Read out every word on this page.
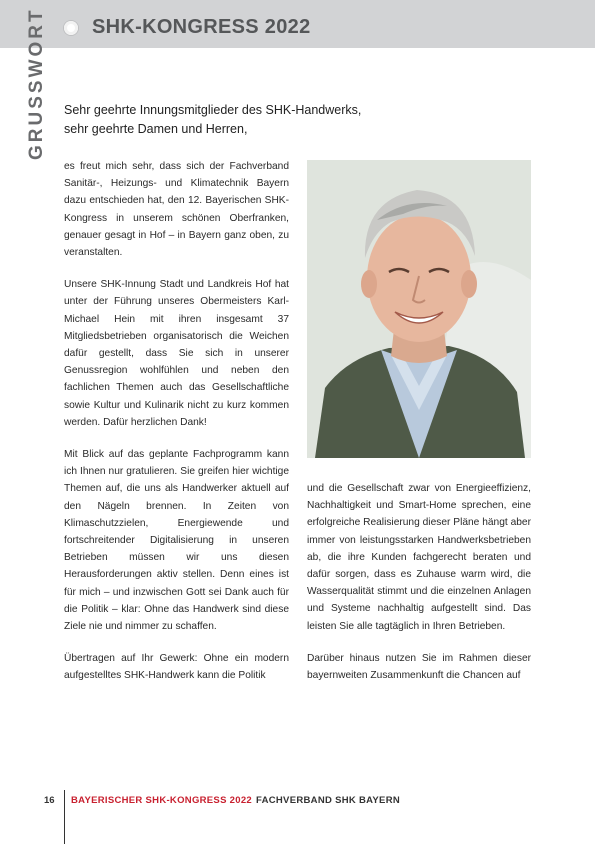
SHK-KONGRESS 2022
GRUSSWORT Sehr geehrte Innungsmitglieder des SHK-Handwerks,
sehr geehrte Damen und Herren,

es freut mich sehr, dass sich der Fachverband Sanitär-, Heizungs- und Klimatechnik Bayern dazu entschieden hat, den 12. Bayerischen SHK-Kongress in unserem schönen Oberfranken, genauer gesagt in Hof – in Bayern ganz oben, zu veranstalten.

Unsere SHK-Innung Stadt und Landkreis Hof hat unter der Führung unseres Obermeisters Karl-Michael Hein mit ihren insgesamt 37 Mitgliedsbetrieben organisatorisch die Weichen dafür gestellt, dass Sie sich in unserer Genussregion wohlfühlen und neben den fachlichen Themen auch das Gesellschaftliche sowie Kultur und Kulinarik nicht zu kurz kommen werden. Dafür herzlichen Dank!

Mit Blick auf das geplante Fachprogramm kann ich Ihnen nur gratulieren. Sie greifen hier wichtige Themen auf, die uns als Handwerker aktuell auf den Nägeln brennen. In Zeiten von Klimaschutzzielen, Energiewende und fortschreitender Digitalisierung in unseren Betrieben müssen wir uns diesen Herausforderungen aktiv stellen. Denn eines ist für mich – und inzwischen Gott sei Dank auch für die Politik – klar: Ohne das Handwerk sind diese Ziele nie und nimmer zu schaffen.

Übertragen auf Ihr Gewerk: Ohne ein modern aufgestelltes SHK-Handwerk kann die Politik

und die Gesellschaft zwar von Energieeffizienz, Nachhaltigkeit und Smart-Home sprechen, eine erfolgreiche Realisierung dieser Pläne hängt aber immer von leistungsstarken Handwerksbetrieben ab, die ihre Kunden fachgerecht beraten und dafür sorgen, dass es Zuhause warm wird, die Wasserqualität stimmt und die einzelnen Anlagen und Systeme nachhaltig aufgestellt sind. Das leisten Sie alle tagtäglich in Ihren Betrieben.

Darüber hinaus nutzen Sie im Rahmen dieser bayernweiten Zusammenkunft die Chancen auf

16 BAYERISCHER SHK-KONGRESS 2022 FACHVERBAND SHK BAYERN
